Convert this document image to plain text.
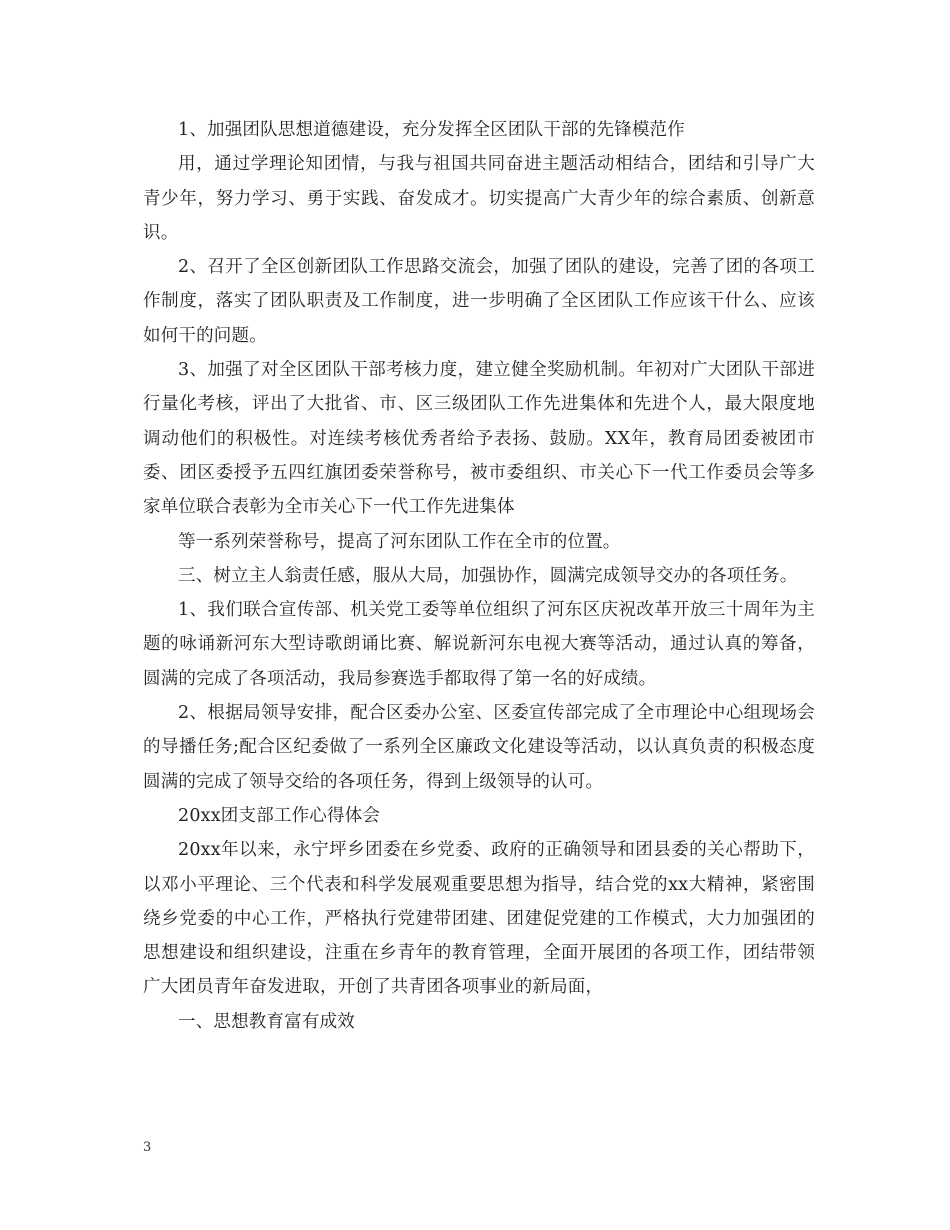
1、加强团队思想道德建设，充分发挥全区团队干部的先锋模范作

用，通过学理论知团情，与我与祖国共同奋进主题活动相结合，团结和引导广大青少年，努力学习、勇于实践、奋发成才。切实提高广大青少年的综合素质、创新意识。

2、召开了全区创新团队工作思路交流会，加强了团队的建设，完善了团的各项工作制度，落实了团队职责及工作制度，进一步明确了全区团队工作应该干什么、应该如何干的问题。

3、加强了对全区团队干部考核力度，建立健全奖励机制。年初对广大团队干部进行量化考核，评出了大批省、市、区三级团队工作先进集体和先进个人，最大限度地调动他们的积极性。对连续考核优秀者给予表扬、鼓励。XX年，教育局团委被团市委、团区委授予五四红旗团委荣誉称号，被市委组织、市关心下一代工作委员会等多家单位联合表彰为全市关心下一代工作先进集体

等一系列荣誉称号，提高了河东团队工作在全市的位置。

三、树立主人翁责任感，服从大局，加强协作，圆满完成领导交办的各项任务。

1、我们联合宣传部、机关党工委等单位组织了河东区庆祝改革开放三十周年为主题的咏诵新河东大型诗歌朗诵比赛、解说新河东电视大赛等活动，通过认真的筹备，圆满的完成了各项活动，我局参赛选手都取得了第一名的好成绩。

2、根据局领导安排，配合区委办公室、区委宣传部完成了全市理论中心组现场会的导播任务;配合区纪委做了一系列全区廉政文化建设等活动，以认真负责的积极态度圆满的完成了领导交给的各项任务，得到上级领导的认可。

20xx团支部工作心得体会

20xx年以来，永宁坪乡团委在乡党委、政府的正确领导和团县委的关心帮助下，以邓小平理论、三个代表和科学发展观重要思想为指导，结合党的xx大精神，紧密围绕乡党委的中心工作，严格执行党建带团建、团建促党建的工作模式，大力加强团的思想建设和组织建设，注重在乡青年的教育管理，全面开展团的各项工作，团结带领广大团员青年奋发进取，开创了共青团各项事业的新局面，

一、思想教育富有成效

3
